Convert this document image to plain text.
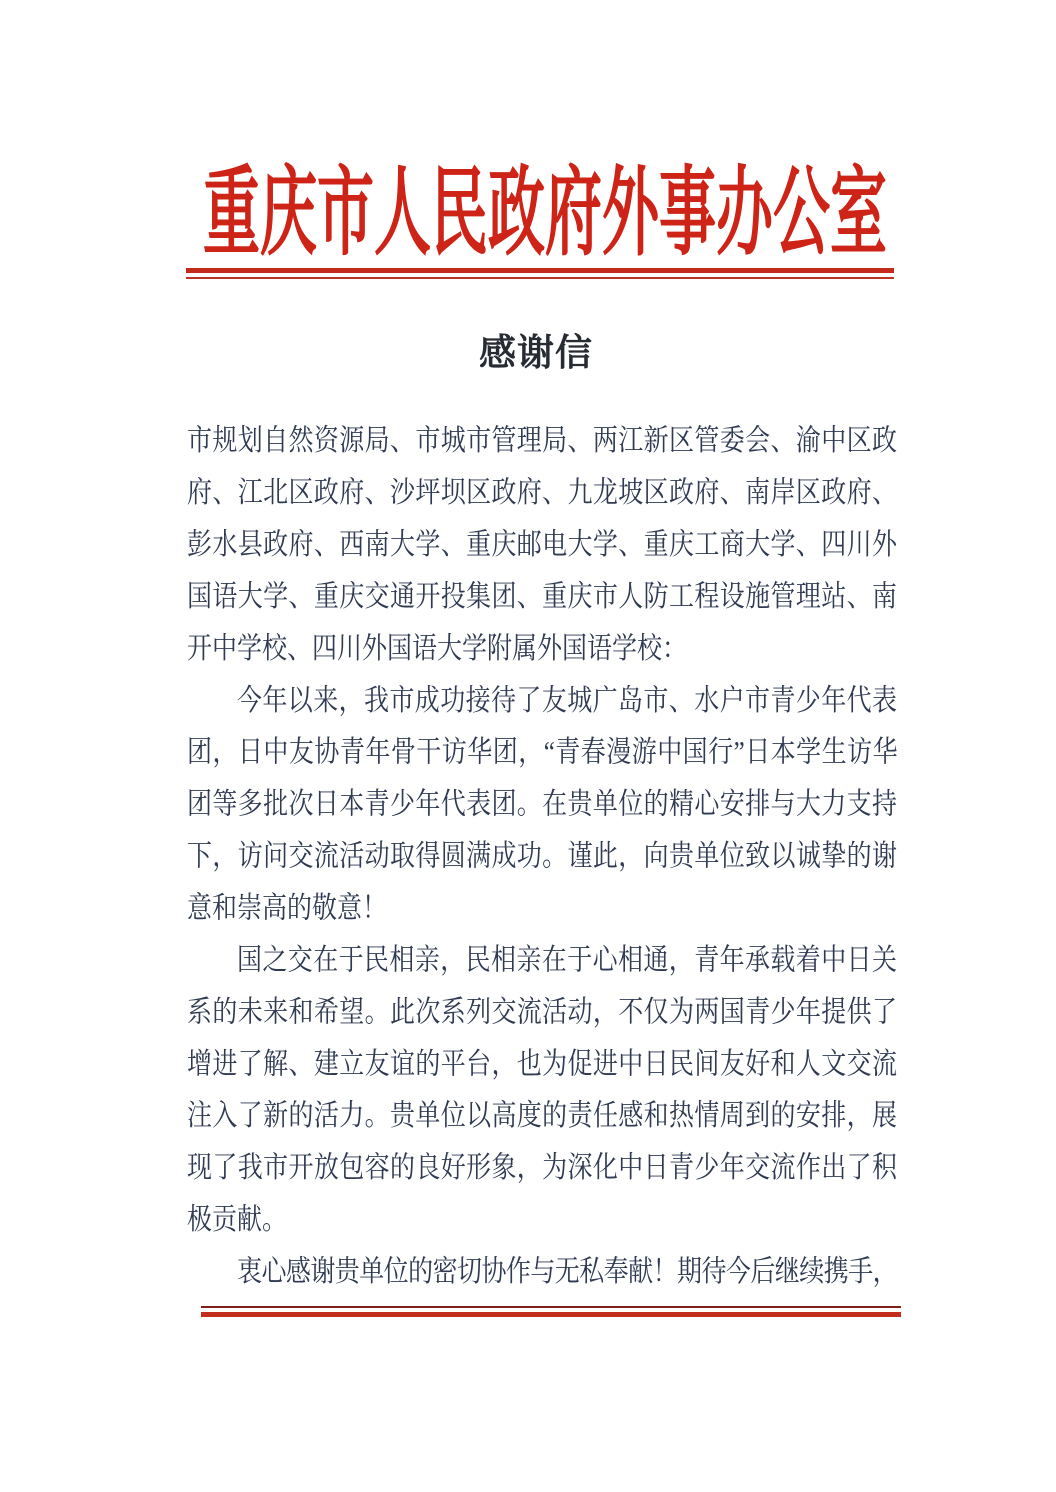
重庆市人民政府外事办公室
感谢信
市规划自然资源局、市城市管理局、两江新区管委会、渝中区政
府、江北区政府、沙坪坝区政府、九龙坡区政府、南岸区政府、
彭水县政府、西南大学、重庆邮电大学、重庆工商大学、四川外
国语大学、重庆交通开投集团、重庆市人防工程设施管理站、南
开中学校、四川外国语大学附属外国语学校：
今年以来，我市成功接待了友城广岛市、水户市青少年代表
团，日中友协青年骨干访华团，“青春漫游中国行”日本学生访华
团等多批次日本青少年代表团。在贵单位的精心安排与大力支持
下，访问交流活动取得圆满成功。谨此，向贵单位致以诚挚的谢
意和崇高的敬意！
国之交在于民相亲，民相亲在于心相通，青年承载着中日关
系的未来和希望。此次系列交流活动，不仅为两国青少年提供了
增进了解、建立友谊的平台，也为促进中日民间友好和人文交流
注入了新的活力。贵单位以高度的责任感和热情周到的安排，展
现了我市开放包容的良好形象，为深化中日青少年交流作出了积
极贡献。
衷心感谢贵单位的密切协作与无私奉献！期待今后继续携手，
